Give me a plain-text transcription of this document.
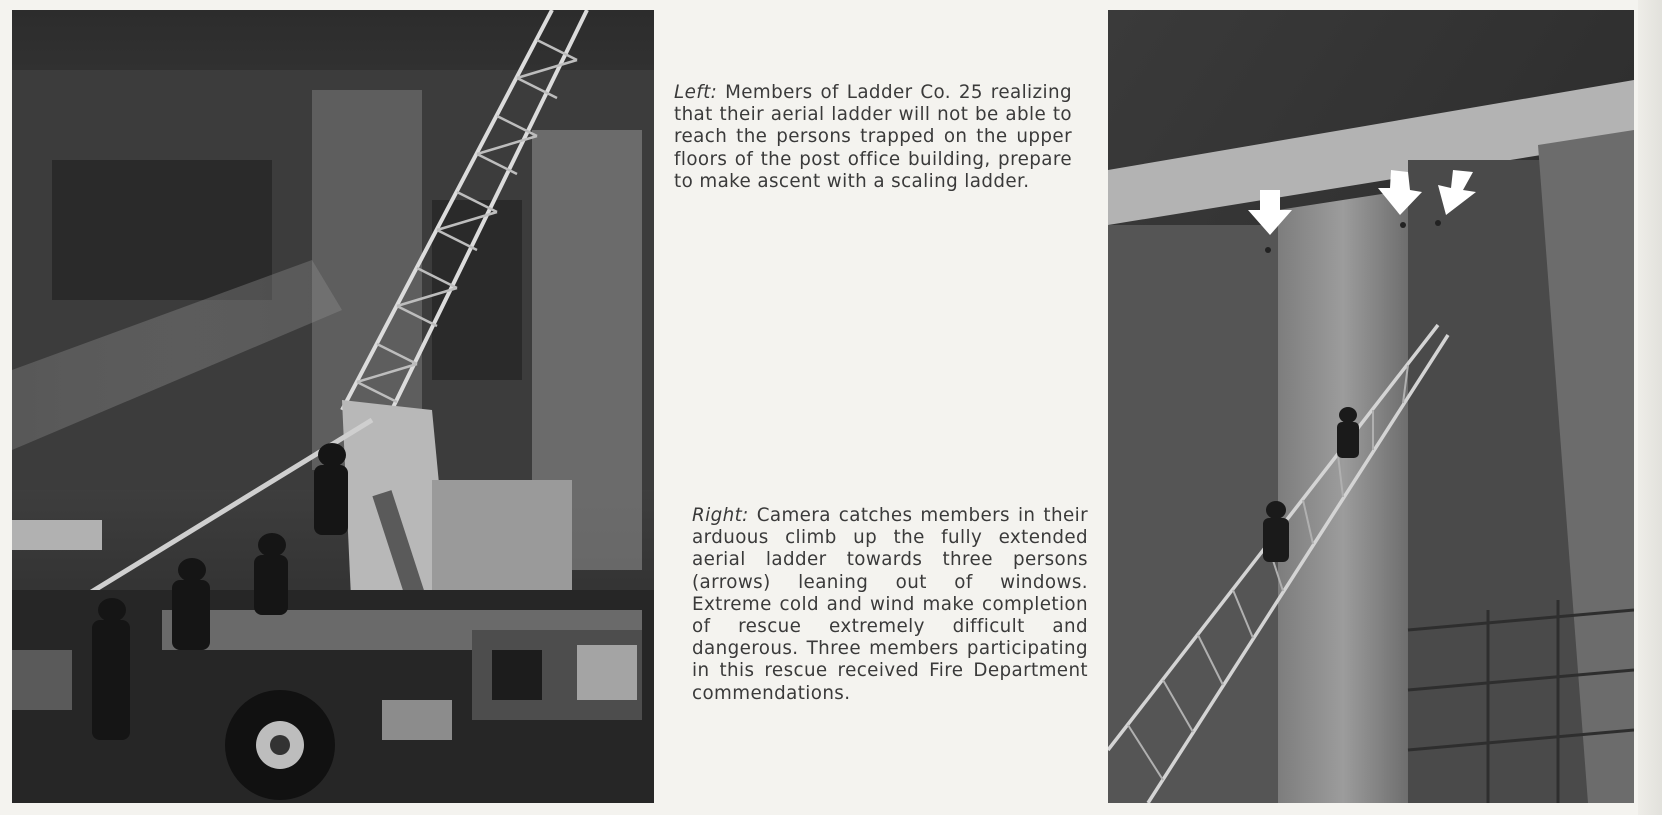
Left: Members of Ladder Co. 25 realizing that their aerial ladder will not be able to reach the persons trapped on the upper floors of the post office building, prepare to make ascent with a scaling ladder.

Right: Camera catches members in their arduous climb up the fully extended aerial ladder towards three persons (arrows) leaning out of windows. Extreme cold and wind make completion of rescue extremely difficult and dangerous. Three members participating in this rescue received Fire Department commendations.
